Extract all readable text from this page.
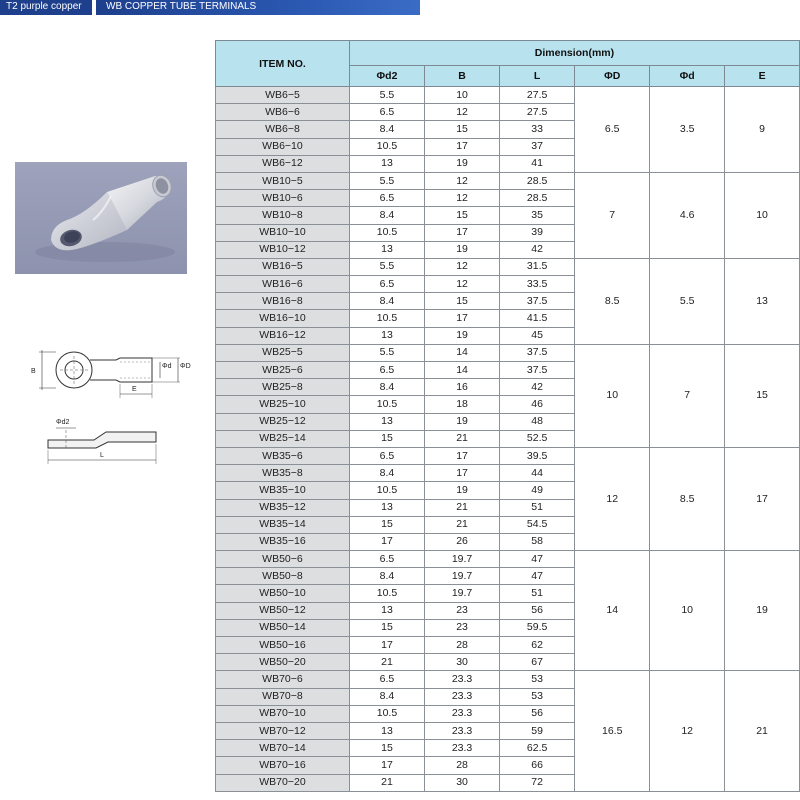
T2 purple copper	WB COPPER TUBE TERMINALS
B
Φd ΦD
E
Φd2
L
ITEM NO.	Dimension(mm)					
	Φd2	B	L	ΦD	Φd	E
WB6−5	5.5	10	27.5	6.5	3.5	9
WB6−6	6.5	12	27.5			
WB6−8	8.4	15	33			
WB6−10	10.5	17	37			
WB6−12	13	19	41			
WB10−5	5.5	12	28.5	7	4.6	10
WB10−6	6.5	12	28.5			
WB10−8	8.4	15	35			
WB10−10	10.5	17	39			
WB10−12	13	19	42			
WB16−5	5.5	12	31.5	8.5	5.5	13
WB16−6	6.5	12	33.5			
WB16−8	8.4	15	37.5			
WB16−10	10.5	17	41.5			
WB16−12	13	19	45			
WB25−5	5.5	14	37.5	10	7	15
WB25−6	6.5	14	37.5			
WB25−8	8.4	16	42			
WB25−10	10.5	18	46			
WB25−12	13	19	48			
WB25−14	15	21	52.5			
WB35−6	6.5	17	39.5	12	8.5	17
WB35−8	8.4	17	44			
WB35−10	10.5	19	49			
WB35−12	13	21	51			
WB35−14	15	21	54.5			
WB35−16	17	26	58			
WB50−6	6.5	19.7	47	14	10	19
WB50−8	8.4	19.7	47			
WB50−10	10.5	19.7	51			
WB50−12	13	23	56			
WB50−14	15	23	59.5			
WB50−16	17	28	62			
WB50−20	21	30	67			
WB70−6	6.5	23.3	53	16.5	12	21
WB70−8	8.4	23.3	53			
WB70−10	10.5	23.3	56			
WB70−12	13	23.3	59			
WB70−14	15	23.3	62.5			
WB70−16	17	28	66			
WB70−20	21	30	72			
